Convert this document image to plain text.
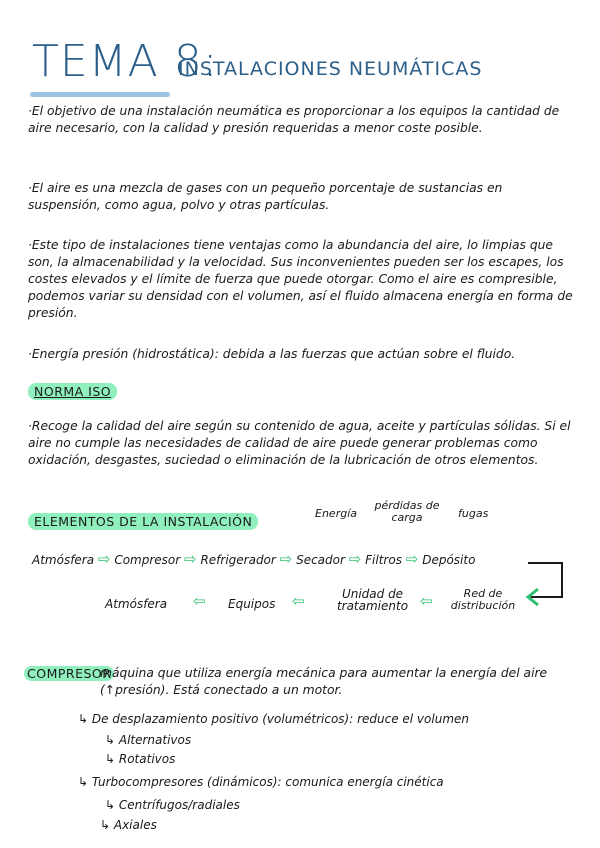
TEMA 8:
INSTALACIONES NEUMÁTICAS
·El objetivo de una instalación neumática es proporcionar a los equipos la cantidad de aire necesario, con la calidad y presión requeridas a menor coste posible.
·El aire es una mezcla de gases con un pequeño porcentaje de sustancias en suspensión, como agua, polvo y otras partículas.
·Este tipo de instalaciones tiene ventajas como la abundancia del aire, lo limpias que son, la almacenabilidad y la velocidad. Sus inconvenientes pueden ser los escapes, los costes elevados y el límite de fuerza que puede otorgar. Como el aire es compresible, podemos variar su densidad con el volumen, así el fluido almacena energía en forma de presión.
·Energía presión (hidrostática): debida a las fuerzas que actúan sobre el fluido.
NORMA ISO
·Recoge la calidad del aire según su contenido de agua, aceite y partículas sólidas. Si el aire no cumple las necesidades de calidad de aire puede generar problemas como oxidación, desgastes, suciedad o eliminación de la lubricación de otros elementos.
ELEMENTOS DE LA INSTALACIÓN
Energía
pérdidas de carga	fugas
Atmósfera ⇨ Compresor ⇨ Refrigerador ⇨ Secador ⇨ Filtros ⇨ Depósito
Red de distribución
⇦
Unidad de tratamiento
⇦
Equipos
⇦
Atmósfera
COMPRESOR
máquina que utiliza energía mecánica para aumentar la energía del aire (↑presión). Está conectado a un motor.
↳ De desplazamiento positivo (volumétricos): reduce el volumen
↳ Alternativos
↳ Rotativos
↳ Turbocompresores (dinámicos): comunica energía cinética
↳ Centrífugos/radiales
↳ Axiales
